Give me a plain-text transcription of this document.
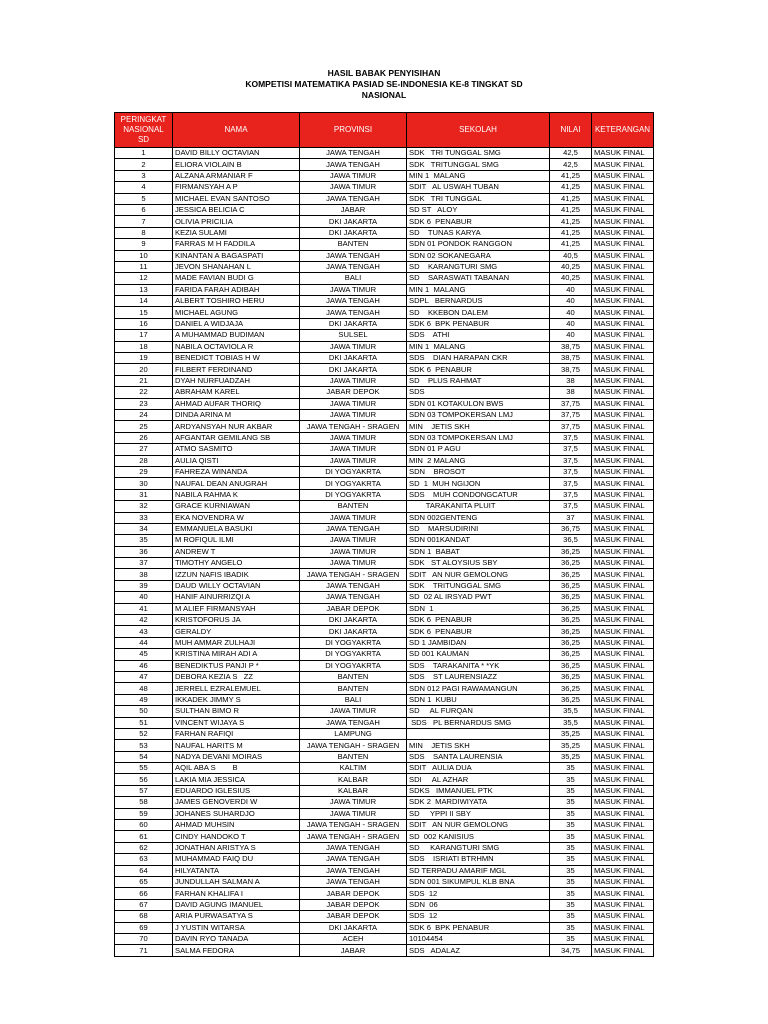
HASIL BABAK PENYISIHAN
KOMPETISI MATEMATIKA PASIAD SE-INDONESIA KE-8 TINGKAT SD
NASIONAL
PERINGKAT NASIONAL SD	NAMA	PROVINSI	SEKOLAH	NILAI	KETERANGAN
1	DAVID BILLY OCTAVIAN	JAWA TENGAH	SDK   TRI TUNGGAL SMG	42,5	MASUK FINAL
2	ELIORA VIOLAIN B	JAWA TENGAH	SDK   TRITUNGGAL SMG	42,5	MASUK FINAL
3	ALZANA ARMANIAR F	JAWA TIMUR	MIN 1  MALANG	41,25	MASUK FINAL
4	FIRMANSYAH A P	JAWA TIMUR	SDIT   AL USWAH TUBAN	41,25	MASUK FINAL
5	MICHAEL EVAN SANTOSO	JAWA TENGAH	SDK   TRI TUNGGAL	41,25	MASUK FINAL
6	JESSICA BELICIA C	JABAR	SD ST   ALOY	41,25	MASUK FINAL
7	OLIVIA PRICILIA	DKI JAKARTA	SDK 6  PENABUR	41,25	MASUK FINAL
8	KEZIA SULAMI	DKI JAKARTA	SD    TUNAS KARYA	41,25	MASUK FINAL
9	FARRAS M H FADDILA	BANTEN	SDN 01 PONDOK RANGGON	41,25	MASUK FINAL
10	KINANTAN A BAGASPATI	JAWA TENGAH	SDN 02 SOKANEGARA	40,5	MASUK FINAL
11	JEVON SHANAHAN L	JAWA TENGAH	SD    KARANGTURI SMG	40,25	MASUK FINAL
12	MADE FAVIAN BUDI G	BALI	SD    SARASWATI TABANAN	40,25	MASUK FINAL
13	FARIDA FARAH ADIBAH	JAWA TIMUR	MIN 1  MALANG	40	MASUK FINAL
14	ALBERT TOSHIRO HERU	JAWA TENGAH	SDPL   BERNARDUS	40	MASUK FINAL
15	MICHAEL AGUNG	JAWA TENGAH	SD    KKEBON DALEM	40	MASUK FINAL
16	DANIEL A WIDJAJA	DKI JAKARTA	SDK 6  BPK PENABUR	40	MASUK FINAL
17	A MUHAMMAD BUDIMAN	SULSEL	SDS    ATHI	40	MASUK FINAL
18	NABILA OCTAVIOLA R	JAWA TIMUR	MIN 1  MALANG	38,75	MASUK FINAL
19	BENEDICT TOBIAS H W	DKI JAKARTA	SDS    DIAN HARAPAN CKR	38,75	MASUK FINAL
20	FILBERT FERDINAND	DKI JAKARTA	SDK 6  PENABUR	38,75	MASUK FINAL
21	DYAH NURFUADZAH	JAWA TIMUR	SD    PLUS RAHMAT	38	MASUK FINAL
22	ABRAHAM KAREL	JABAR DEPOK	SDS	38	MASUK FINAL
23	AHMAD AUFAR THORIQ	JAWA TIMUR	SDN 01 KOTAKULON BWS	37,75	MASUK FINAL
24	DINDA ARINA M	JAWA TIMUR	SDN 03 TOMPOKERSAN LMJ	37,75	MASUK FINAL
25	ARDYANSYAH NUR AKBAR	JAWA TENGAH - SRAGEN	MIN    JETIS SKH	37,75	MASUK FINAL
26	AFGANTAR GEMILANG SB	JAWA TIMUR	SDN 03 TOMPOKERSAN LMJ	37,5	MASUK FINAL
27	ATMO SASMITO	JAWA TIMUR	SDN 01 P AGU	37,5	MASUK FINAL
28	AULIA QISTI	JAWA TIMUR	MIN  2 MALANG	37,5	MASUK FINAL
29	FAHREZA WINANDA	DI YOGYAKRTA	SDN    BROSOT	37,5	MASUK FINAL
30	NAUFAL DEAN ANUGRAH	DI YOGYAKRTA	SD  1  MUH NGIJON	37,5	MASUK FINAL
31	NABILA RAHMA K	DI YOGYAKRTA	SDS    MUH CONDONGCATUR	37,5	MASUK FINAL
32	GRACE KURNIAWAN	BANTEN	TARAKANITA PLUIT	37,5	MASUK FINAL
33	EKA NOVENDRA W	JAWA TIMUR	SDN 002GENTENG	37	MASUK FINAL
34	EMMANUELA BASUKI	JAWA TENGAH	SD    MARSUDIRINI	36,75	MASUK FINAL
35	M ROFIQUL ILMI	JAWA TIMUR	SDN 001KANDAT	36,5	MASUK FINAL
36	ANDREW T	JAWA TIMUR	SDN 1  BABAT	36,25	MASUK FINAL
37	TIMOTHY ANGELO	JAWA TIMUR	SDK   ST ALOYSIUS SBY	36,25	MASUK FINAL
38	IZZUN NAFIS IBADIK	JAWA TENGAH - SRAGEN	SDIT   AN NUR GEMOLONG	36,25	MASUK FINAL
39	DAUD WILLY OCTAVIAN	JAWA TENGAH	SDK    TRITUNGGAL SMG	36,25	MASUK FINAL
40	HANIF AINURRIZQI A	JAWA TENGAH	SD  02 AL IRSYAD PWT	36,25	MASUK FINAL
41	M ALIEF FIRMANSYAH	JABAR DEPOK	SDN  1	36,25	MASUK FINAL
42	KRISTOFORUS JA	DKI JAKARTA	SDK 6  PENABUR	36,25	MASUK FINAL
43	GERALDY	DKI JAKARTA	SDK 6  PENABUR	36,25	MASUK FINAL
44	MUH AMMAR ZULHAJI	DI YOGYAKRTA	SD 1 JAMBIDAN	36,25	MASUK FINAL
45	KRISTINA MIRAH ADI A	DI YOGYAKRTA	SD 001 KAUMAN	36,25	MASUK FINAL
46	BENEDIKTUS PANJI P *	DI YOGYAKRTA	SDS    TARAKANITA * *YK	36,25	MASUK FINAL
47	DEBORA KEZIA S   ZZ	BANTEN	SDS    ST LAURENSIAZZ	36,25	MASUK FINAL
48	JERRELL EZRALEMUEL	BANTEN	SDN 012 PAGI RAWAMANGUN	36,25	MASUK FINAL
49	IKKADEK JIMMY S	BALI	SDN 1  KUBU	36,25	MASUK FINAL
50	SULTHAN BIMO R	JAWA TIMUR	SD     AL FURQAN	35,5	MASUK FINAL
51	VINCENT WIJAYA S	JAWA TENGAH	SDS   PL BERNARDUS SMG	35,5	MASUK FINAL
52	FARHAN RAFIQI	LAMPUNG		35,25	MASUK FINAL
53	NAUFAL HARITS M	JAWA TENGAH - SRAGEN	MIN    JETIS SKH	35,25	MASUK FINAL
54	NADYA DEVANI MOIRAS	BANTEN	SDS    SANTA LAURENSIA	35,25	MASUK FINAL
55	AQIL ABA S        B	KALTIM	SDIT   AULIA DUA	35	MASUK FINAL
56	LAKIA MIA JESSICA	KALBAR	SDI     AL AZHAR	35	MASUK FINAL
57	EDUARDO IGLESIUS	KALBAR	SDKS   IMMANUEL PTK	35	MASUK FINAL
58	JAMES GENOVERDI W	JAWA TIMUR	SDK 2  MARDIWIYATA	35	MASUK FINAL
59	JOHANES SUHARDJO	JAWA TIMUR	SD     YPPI II SBY	35	MASUK FINAL
60	AHMAD MUHSIN	JAWA TENGAH - SRAGEN	SDIT   AN NUR GEMOLONG	35	MASUK FINAL
61	CINDY HANDOKO T	JAWA TENGAH - SRAGEN	SD  002 KANISIUS	35	MASUK FINAL
62	JONATHAN ARISTYA S	JAWA TENGAH	SD     KARANGTURI SMG	35	MASUK FINAL
63	MUHAMMAD FAIQ DU	JAWA TENGAH	SDS    ISRIATI BTRHMN	35	MASUK FINAL
64	HILYATANTA	JAWA TENGAH	SD TERPADU AMARIF MGL	35	MASUK FINAL
65	JUNDULLAH SALMAN A	JAWA TENGAH	SDN 001 SIKUMPUL KLB BNA	35	MASUK FINAL
66	FARHAN KHALIFA I	JABAR DEPOK	SDS  12	35	MASUK FINAL
67	DAVID AGUNG IMANUEL	JABAR DEPOK	SDN  06	35	MASUK FINAL
68	ARIA PURWASATYA S	JABAR DEPOK	SDS  12	35	MASUK FINAL
69	J YUSTIN WITARSA	DKI JAKARTA	SDK 6  BPK PENABUR	35	MASUK FINAL
70	DAVIN RYO TANADA	ACEH	10104454	35	MASUK FINAL
71	SALMA FEDORA	JABAR	SDS   ADALAZ	34,75	MASUK FINAL
